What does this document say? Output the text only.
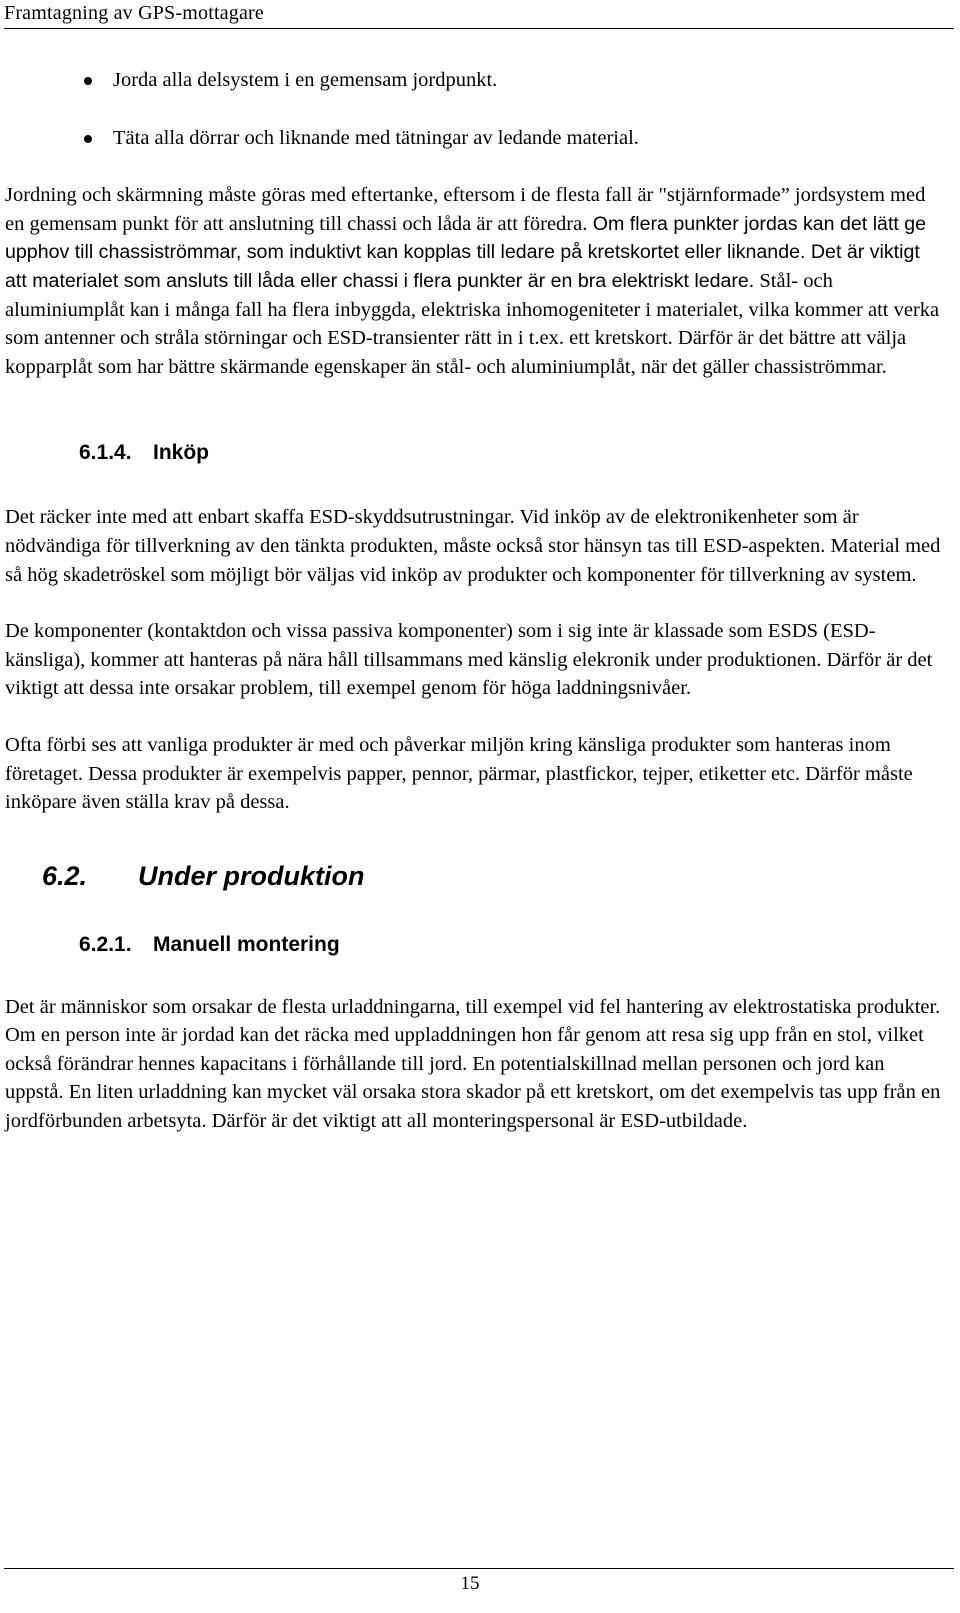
Framtagning av GPS-mottagare
Jorda alla delsystem i en gemensam jordpunkt.
Täta alla dörrar och liknande med tätningar av ledande material.

Jordning och skärmning måste göras med eftertanke, eftersom i de flesta fall är "stjärnformade” jordsystem med en gemensam punkt för att anslutning till chassi och låda är att föredra. Om flera punkter jordas kan det lätt ge upphov till chassiströmmar, som induktivt kan kopplas till ledare på kretskortet eller liknande. Det är viktigt att materialet som ansluts till låda eller chassi i flera punkter är en bra elektriskt ledare. Stål- och aluminiumplåt kan i många fall ha flera inbyggda, elektriska inhomogeniteter i materialet, vilka kommer att verka som antenner och stråla störningar och ESD-transienter rätt in i t.ex. ett kretskort. Därför är det bättre att välja kopparplåt som har bättre skärmande egenskaper än stål- och aluminiumplåt, när det gäller chassiströmmar.

6.1.4. Inköp

Det räcker inte med att enbart skaffa ESD-skyddsutrustningar. Vid inköp av de elektronikenheter som är nödvändiga för tillverkning av den tänkta produkten, måste också stor hänsyn tas till ESD-aspekten. Material med så hög skadetröskel som möjligt bör väljas vid inköp av produkter och komponenter för tillverkning av system.

De komponenter (kontaktdon och vissa passiva komponenter) som i sig inte är klassade som ESDS (ESD-känsliga), kommer att hanteras på nära håll tillsammans med känslig elekronik under produktionen. Därför är det viktigt att dessa inte orsakar problem, till exempel genom för höga laddningsnivåer.

Ofta förbi ses att vanliga produkter är med och påverkar miljön kring känsliga produkter som hanteras inom företaget. Dessa produkter är exempelvis papper, pennor, pärmar, plastfickor, tejper, etiketter etc. Därför måste inköpare även ställa krav på dessa.

6.2. Under produktion
6.2.1. Manuell montering

Det är människor som orsakar de flesta urladdningarna, till exempel vid fel hantering av elektrostatiska produkter. Om en person inte är jordad kan det räcka med uppladdningen hon får genom att resa sig upp från en stol, vilket också förändrar hennes kapacitans i förhållande till jord. En potentialskillnad mellan personen och jord kan uppstå. En liten urladdning kan mycket väl orsaka stora skador på ett kretskort, om det exempelvis tas upp från en jordförbunden arbetsyta. Därför är det viktigt att all monteringspersonal är ESD-utbildade.

15
